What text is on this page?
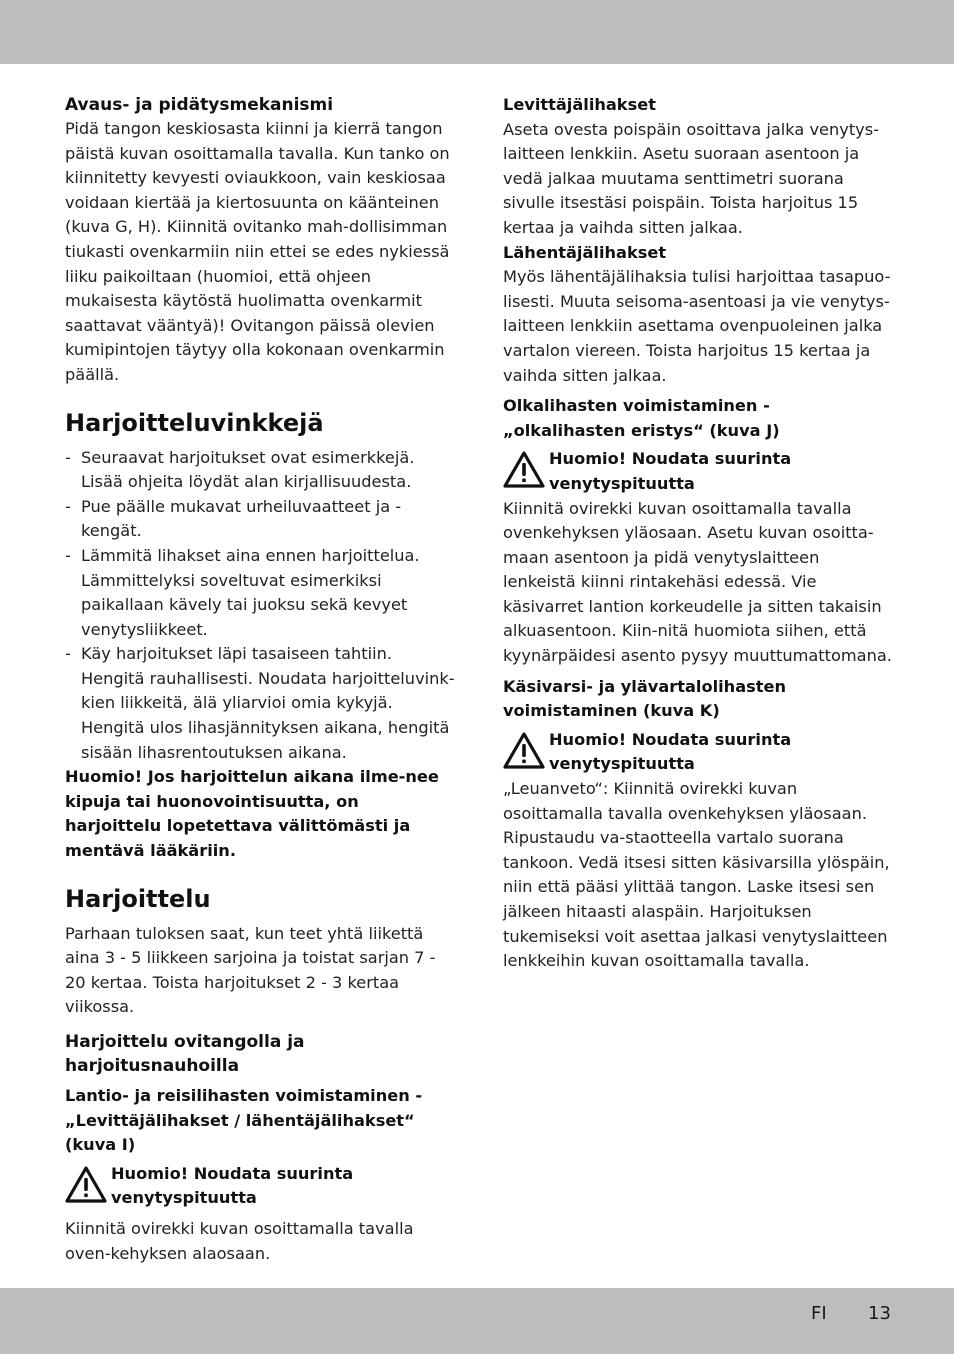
Avaus- ja pidätysmekanismi

Pidä tangon keskiosasta kiinni ja kierrä tangon päistä kuvan osoittamalla tavalla. Kun tanko on kiinnitetty kevyesti oviaukkoon, vain keskiosaa voidaan kiertää ja kiertosuunta on käänteinen (kuva G, H). Kiinnitä ovitanko mah-dollisimman

tiukasti ovenkarmiin niin ettei se edes nykiessä liiku paikoiltaan (huomioi, että ohjeen mukaisesta käytöstä huolimatta ovenkarmit saattavat vääntyä)! Ovitangon päissä olevien kumipintojen täytyy olla kokonaan ovenkarmin päällä.

Harjoitteluvinkkejä
- Seuraavat harjoitukset ovat esimerkkejä. Lisää ohjeita löydät alan kirjallisuudesta.
- Pue päälle mukavat urheiluvaatteet ja -kengät.
- Lämmitä lihakset aina ennen harjoittelua. Lämmittelyksi soveltuvat esimerkiksi paikallaan kävely tai juoksu sekä kevyet venytysliikkeet.
- Käy harjoitukset läpi tasaiseen tahtiin. Hengitä rauhallisesti. Noudata harjoitteluvink-kien liikkeitä, älä yliarvioi omia kykyjä. Hengitä ulos lihasjännityksen aikana, hengitä sisään lihasrentoutuksen aikana.

Huomio! Jos harjoittelun aikana ilme-nee kipuja tai huonovointisuutta, on harjoittelu lopetettava välittömästi ja mentävä lääkäriin.

Harjoittelu

Parhaan tuloksen saat, kun teet yhtä liikettä aina 3 - 5 liikkeen sarjoina ja toistat sarjan 7 - 20 kertaa. Toista harjoitukset 2 - 3 kertaa viikossa.

Harjoittelu ovitangolla ja harjoitusnauhoilla

Lantio- ja reisilihasten voimistaminen - „Levittäjälihakset / lähentäjälihakset“ (kuva I)

Huomio! Noudata suurinta venytyspituutta

Kiinnitä ovirekki kuvan osoittamalla tavalla oven-kehyksen alaosaan.

Levittäjälihakset

Aseta ovesta poispäin osoittava jalka venytys-laitteen lenkkiin. Asetu suoraan asentoon ja vedä jalkaa muutama senttimetri suorana sivulle itsestäsi poispäin. Toista harjoitus 15 kertaa ja vaihda sitten jalkaa.

Lähentäjälihakset

Myös lähentäjälihaksia tulisi harjoittaa tasapuo-lisesti. Muuta seisoma-asentoasi ja vie venytys-laitteen lenkkiin asettama ovenpuoleinen jalka vartalon viereen. Toista harjoitus 15 kertaa ja vaihda sitten jalkaa.

Olkalihasten voimistaminen - „olkalihasten eristys“ (kuva J)

Huomio! Noudata suurinta venytyspituutta

Kiinnitä ovirekki kuvan osoittamalla tavalla ovenkehyksen yläosaan. Asetu kuvan osoitta-maan asentoon ja pidä venytyslaitteen lenkeistä kiinni rintakehäsi edessä. Vie käsivarret lantion korkeudelle ja sitten takaisin alkuasentoon. Kiin-nitä huomiota siihen, että kyynärpäidesi asento pysyy muuttumattomana.

Käsivarsi- ja ylävartalolihasten voimistaminen (kuva K)

Huomio! Noudata suurinta venytyspituutta

„Leuanveto“: Kiinnitä ovirekki kuvan osoittamalla tavalla ovenkehyksen yläosaan. Ripustaudu va-staotteella vartalo suorana tankoon. Vedä itsesi sitten käsivarsilla ylöspäin, niin että pääsi ylittää tangon. Laske itsesi sen jälkeen hitaasti alaspäin. Harjoituksen tukemiseksi voit asettaa jalkasi venytyslaitteen lenkkeihin kuvan osoittamalla tavalla.

FI 13
